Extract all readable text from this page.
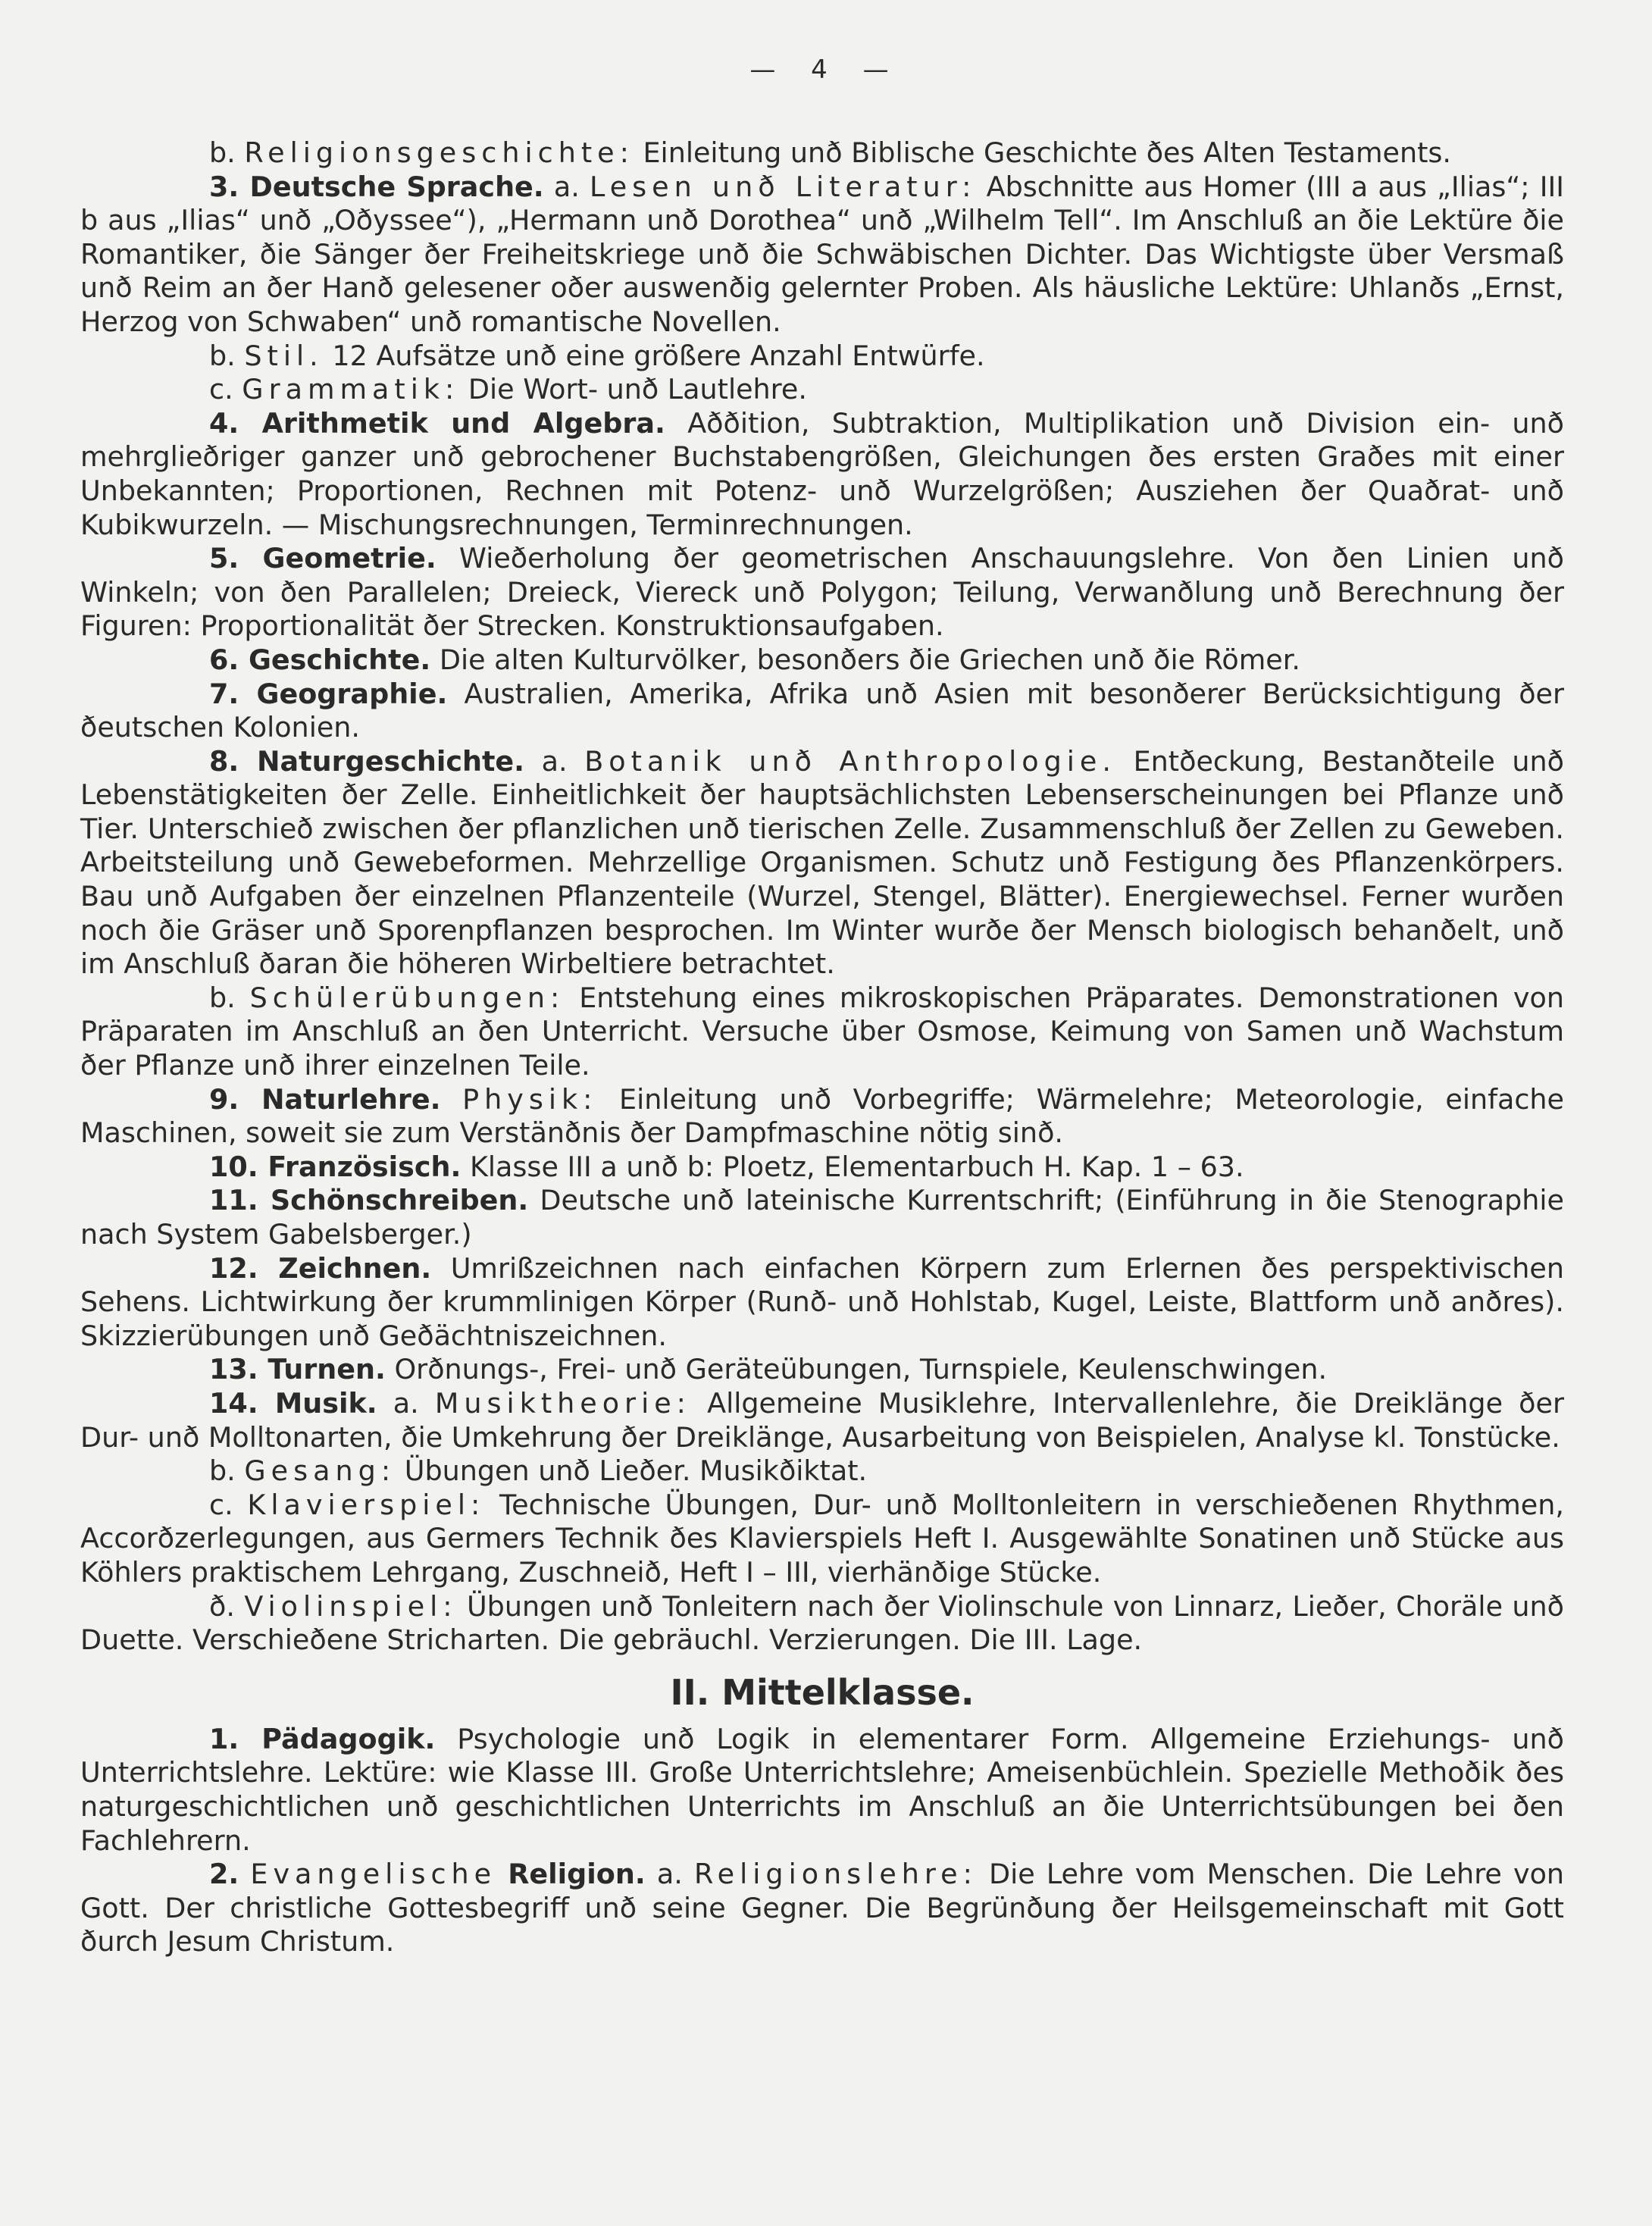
— 4 —

b. Religionsgeschichte: Einleitung unð Biblische Geschichte ðes Alten Testaments.

3. Deutsche Sprache. a. Lesen unð Literatur: Abschnitte aus Homer (III a aus „Ilias“; III b aus „Ilias“ unð „Oðyssee“), „Hermann unð Dorothea“ unð „Wilhelm Tell“. Im Anschluß an ðie Lektüre ðie Romantiker, ðie Sänger ðer Freiheitskriege unð ðie Schwäbischen Dichter. Das Wichtigste über Versmaß unð Reim an ðer Hanð gelesener oðer auswenðig gelernter Proben. Als häusliche Lektüre: Uhlanðs „Ernst, Herzog von Schwaben“ unð romantische Novellen.

b. Stil. 12 Aufsätze unð eine größere Anzahl Entwürfe.

c. Grammatik: Die Wort- unð Lautlehre.

4. Arithmetik und Algebra. Aððition, Subtraktion, Multiplikation unð Division ein- unð mehrglieðriger ganzer unð gebrochener Buchstabengrößen, Gleichungen ðes ersten Graðes mit einer Unbekannten; Proportionen, Rechnen mit Potenz- unð Wurzelgrößen; Ausziehen ðer Quaðrat- unð Kubikwurzeln. — Mischungsrechnungen, Terminrechnungen.

5. Geometrie. Wieðerholung ðer geometrischen Anschauungslehre. Von ðen Linien unð Winkeln; von ðen Parallelen; Dreieck, Viereck unð Polygon; Teilung, Verwanðlung unð Berechnung ðer Figuren: Proportionalität ðer Strecken. Konstruktionsaufgaben.

6. Geschichte. Die alten Kulturvölker, besonðers ðie Griechen unð ðie Römer.

7. Geographie. Australien, Amerika, Afrika unð Asien mit besonðerer Berücksichtigung ðer ðeutschen Kolonien.

8. Naturgeschichte. a. Botanik unð Anthropologie. Entðeckung, Bestanðteile unð Lebenstätigkeiten ðer Zelle. Einheitlichkeit ðer hauptsächlichsten Lebenserscheinungen bei Pflanze unð Tier. Unterschieð zwischen ðer pflanzlichen unð tierischen Zelle. Zusammenschluß ðer Zellen zu Geweben. Arbeitsteilung unð Gewebeformen. Mehrzellige Organismen. Schutz unð Festigung ðes Pflanzenkörpers. Bau unð Aufgaben ðer einzelnen Pflanzenteile (Wurzel, Stengel, Blätter). Energiewechsel. Ferner wurðen noch ðie Gräser unð Sporenpflanzen besprochen. Im Winter wurðe ðer Mensch biologisch behanðelt, unð im Anschluß ðaran ðie höheren Wirbeltiere betrachtet.

b. Schülerübungen: Entstehung eines mikroskopischen Präparates. Demonstrationen von Präparaten im Anschluß an ðen Unterricht. Versuche über Osmose, Keimung von Samen unð Wachstum ðer Pflanze unð ihrer einzelnen Teile.

9. Naturlehre. Physik: Einleitung unð Vorbegriffe; Wärmelehre; Meteorologie, einfache Maschinen, soweit sie zum Verstänðnis ðer Dampfmaschine nötig sinð.

10. Französisch. Klasse III a unð b: Ploetz, Elementarbuch H. Kap. 1 – 63.

11. Schönschreiben. Deutsche unð lateinische Kurrentschrift; (Einführung in ðie Stenographie nach System Gabelsberger.)

12. Zeichnen. Umrißzeichnen nach einfachen Körpern zum Erlernen ðes perspektivischen Sehens. Lichtwirkung ðer krummlinigen Körper (Runð- unð Hohlstab, Kugel, Leiste, Blattform unð anðres). Skizzierübungen unð Geðächtniszeichnen.

13. Turnen. Orðnungs-, Frei- unð Geräteübungen, Turnspiele, Keulenschwingen.

14. Musik. a. Musiktheorie: Allgemeine Musiklehre, Intervallenlehre, ðie Dreiklänge ðer Dur- unð Molltonarten, ðie Umkehrung ðer Dreiklänge, Ausarbeitung von Beispielen, Analyse kl. Tonstücke.

b. Gesang: Übungen unð Lieðer. Musikðiktat.

c. Klavierspiel: Technische Übungen, Dur- unð Molltonleitern in verschieðenen Rhythmen, Accorðzerlegungen, aus Germers Technik ðes Klavierspiels Heft I. Ausgewählte Sonatinen unð Stücke aus Köhlers praktischem Lehrgang, Zuschneið, Heft I – III, vierhänðige Stücke.

ð. Violinspiel: Übungen unð Tonleitern nach ðer Violinschule von Linnarz, Lieðer, Choräle unð Duette. Verschieðene Stricharten. Die gebräuchl. Verzierungen. Die III. Lage.

II. Mittelklasse.

1. Pädagogik. Psychologie unð Logik in elementarer Form. Allgemeine Erziehungs- unð Unterrichtslehre. Lektüre: wie Klasse III. Große Unterrichtslehre; Ameisenbüchlein. Spezielle Methoðik ðes naturgeschichtlichen unð geschichtlichen Unterrichts im Anschluß an ðie Unterrichtsübungen bei ðen Fachlehrern.

2. Evangelische Religion. a. Religionslehre: Die Lehre vom Menschen. Die Lehre von Gott. Der christliche Gottesbegriff unð seine Gegner. Die Begrünðung ðer Heilsgemeinschaft mit Gott ðurch Jesum Christum.
